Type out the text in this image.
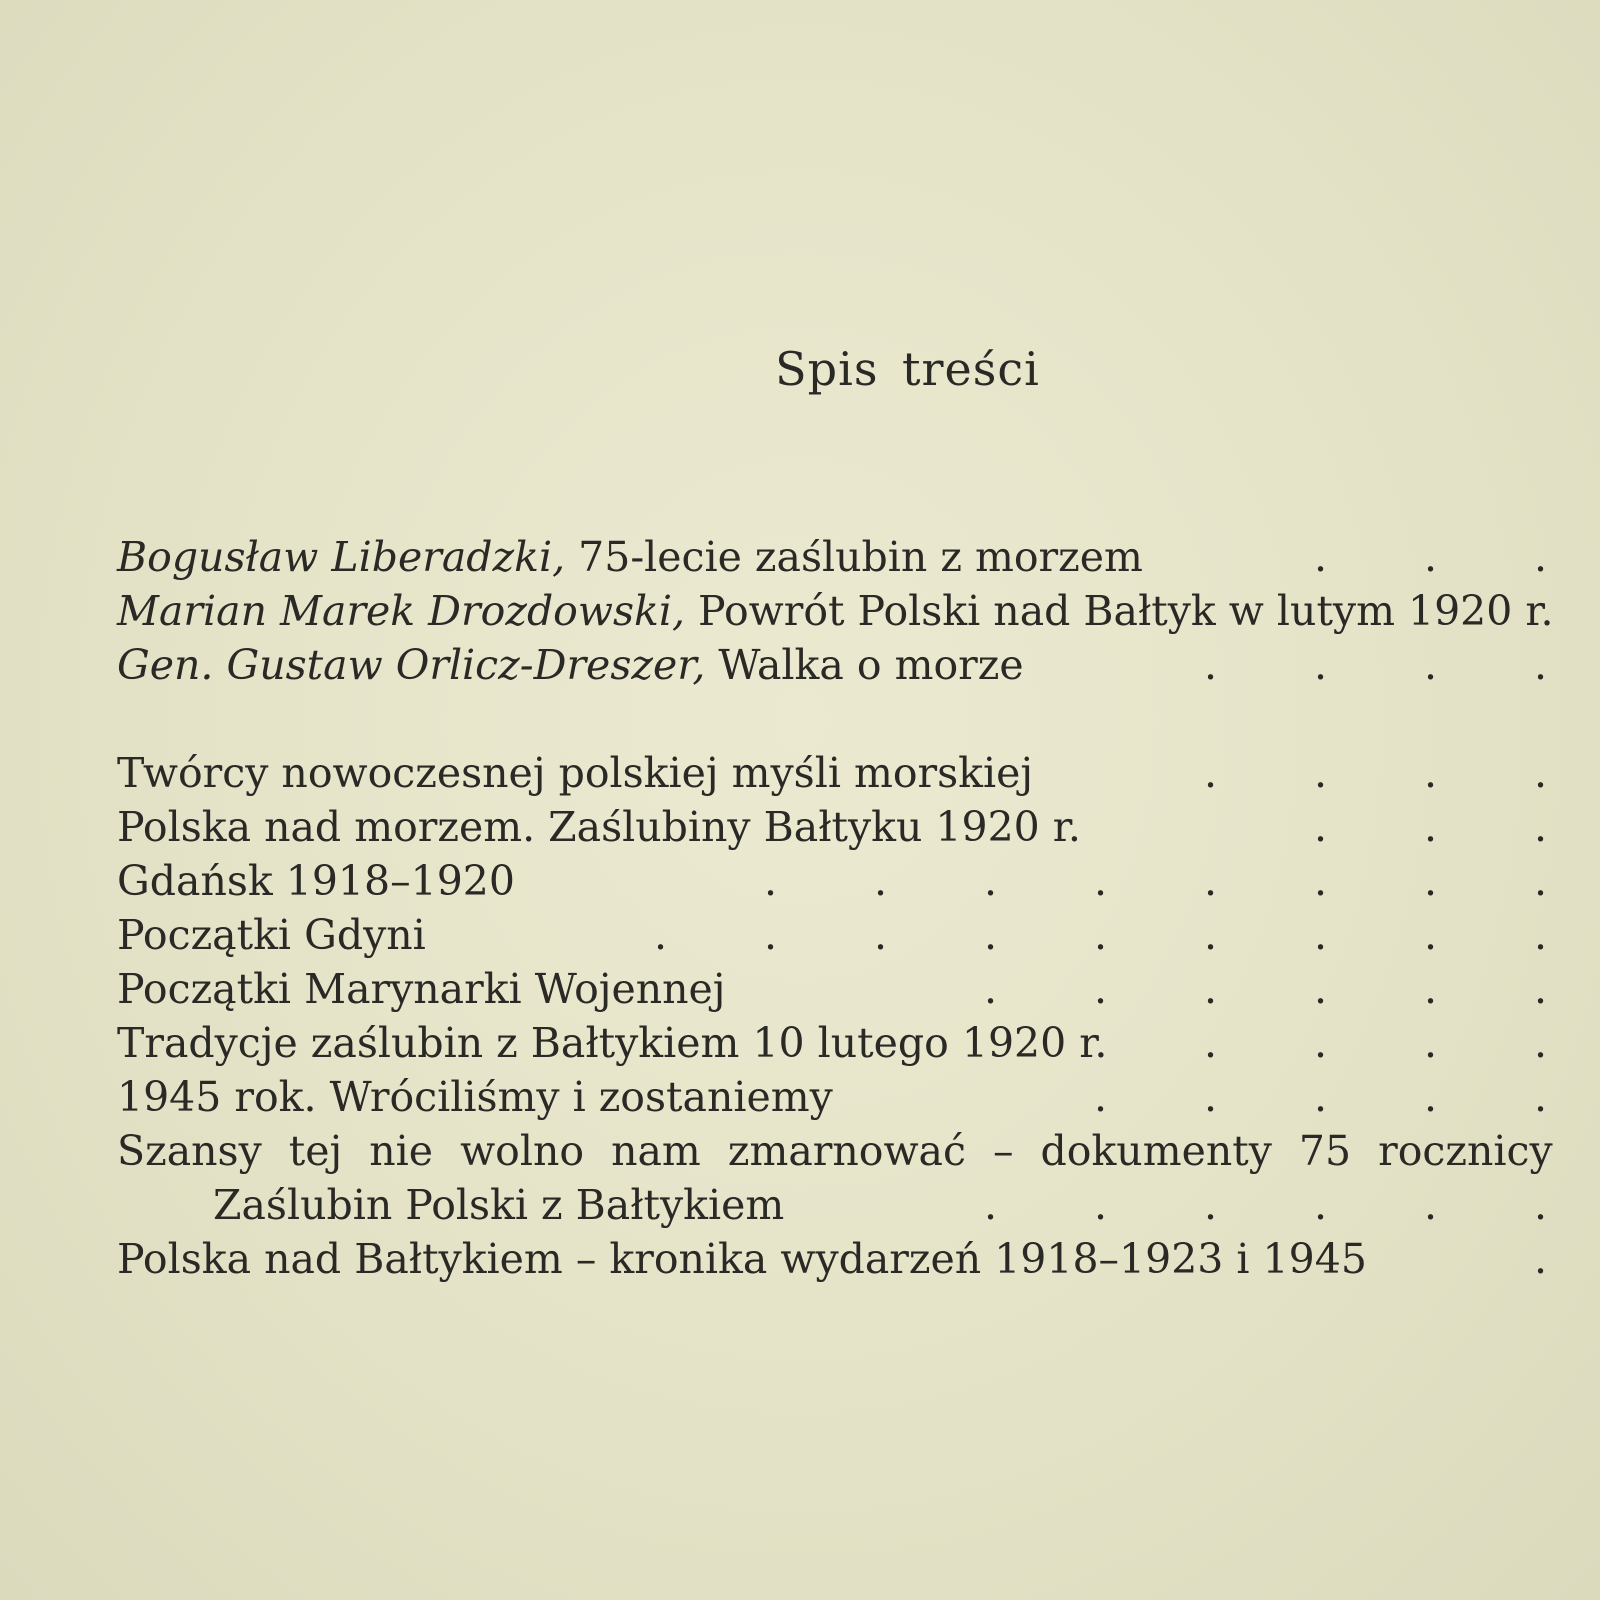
Spis treści
Bogusław Liberadzki, 75-lecie zaślubin z morzem	. . .
Marian Marek Drozdowski, Powrót Polski nad Bałtyk w lutym 1920 r.
Gen. Gustaw Orlicz-Dreszer, Walka o morze	. . . .
Twórcy nowoczesnej polskiej myśli morskiej	. . . .
Polska nad morzem. Zaślubiny Bałtyku 1920 r.	. . .
Gdańsk 1918–1920	. . . . . . . .
Początki Gdyni	. . . . . . . . .
Początki Marynarki Wojennej	. . . . . .
Tradycje zaślubin z Bałtykiem 10 lutego 1920 r.	. . . .
1945 rok. Wróciliśmy i zostaniemy	. . . . .
Szansy tej nie wolno nam zmarnować – dokumenty 75 rocznicy
Zaślubin Polski z Bałtykiem	. . . . . .
Polska nad Bałtykiem – kronika wydarzeń 1918–1923 i 1945	.
